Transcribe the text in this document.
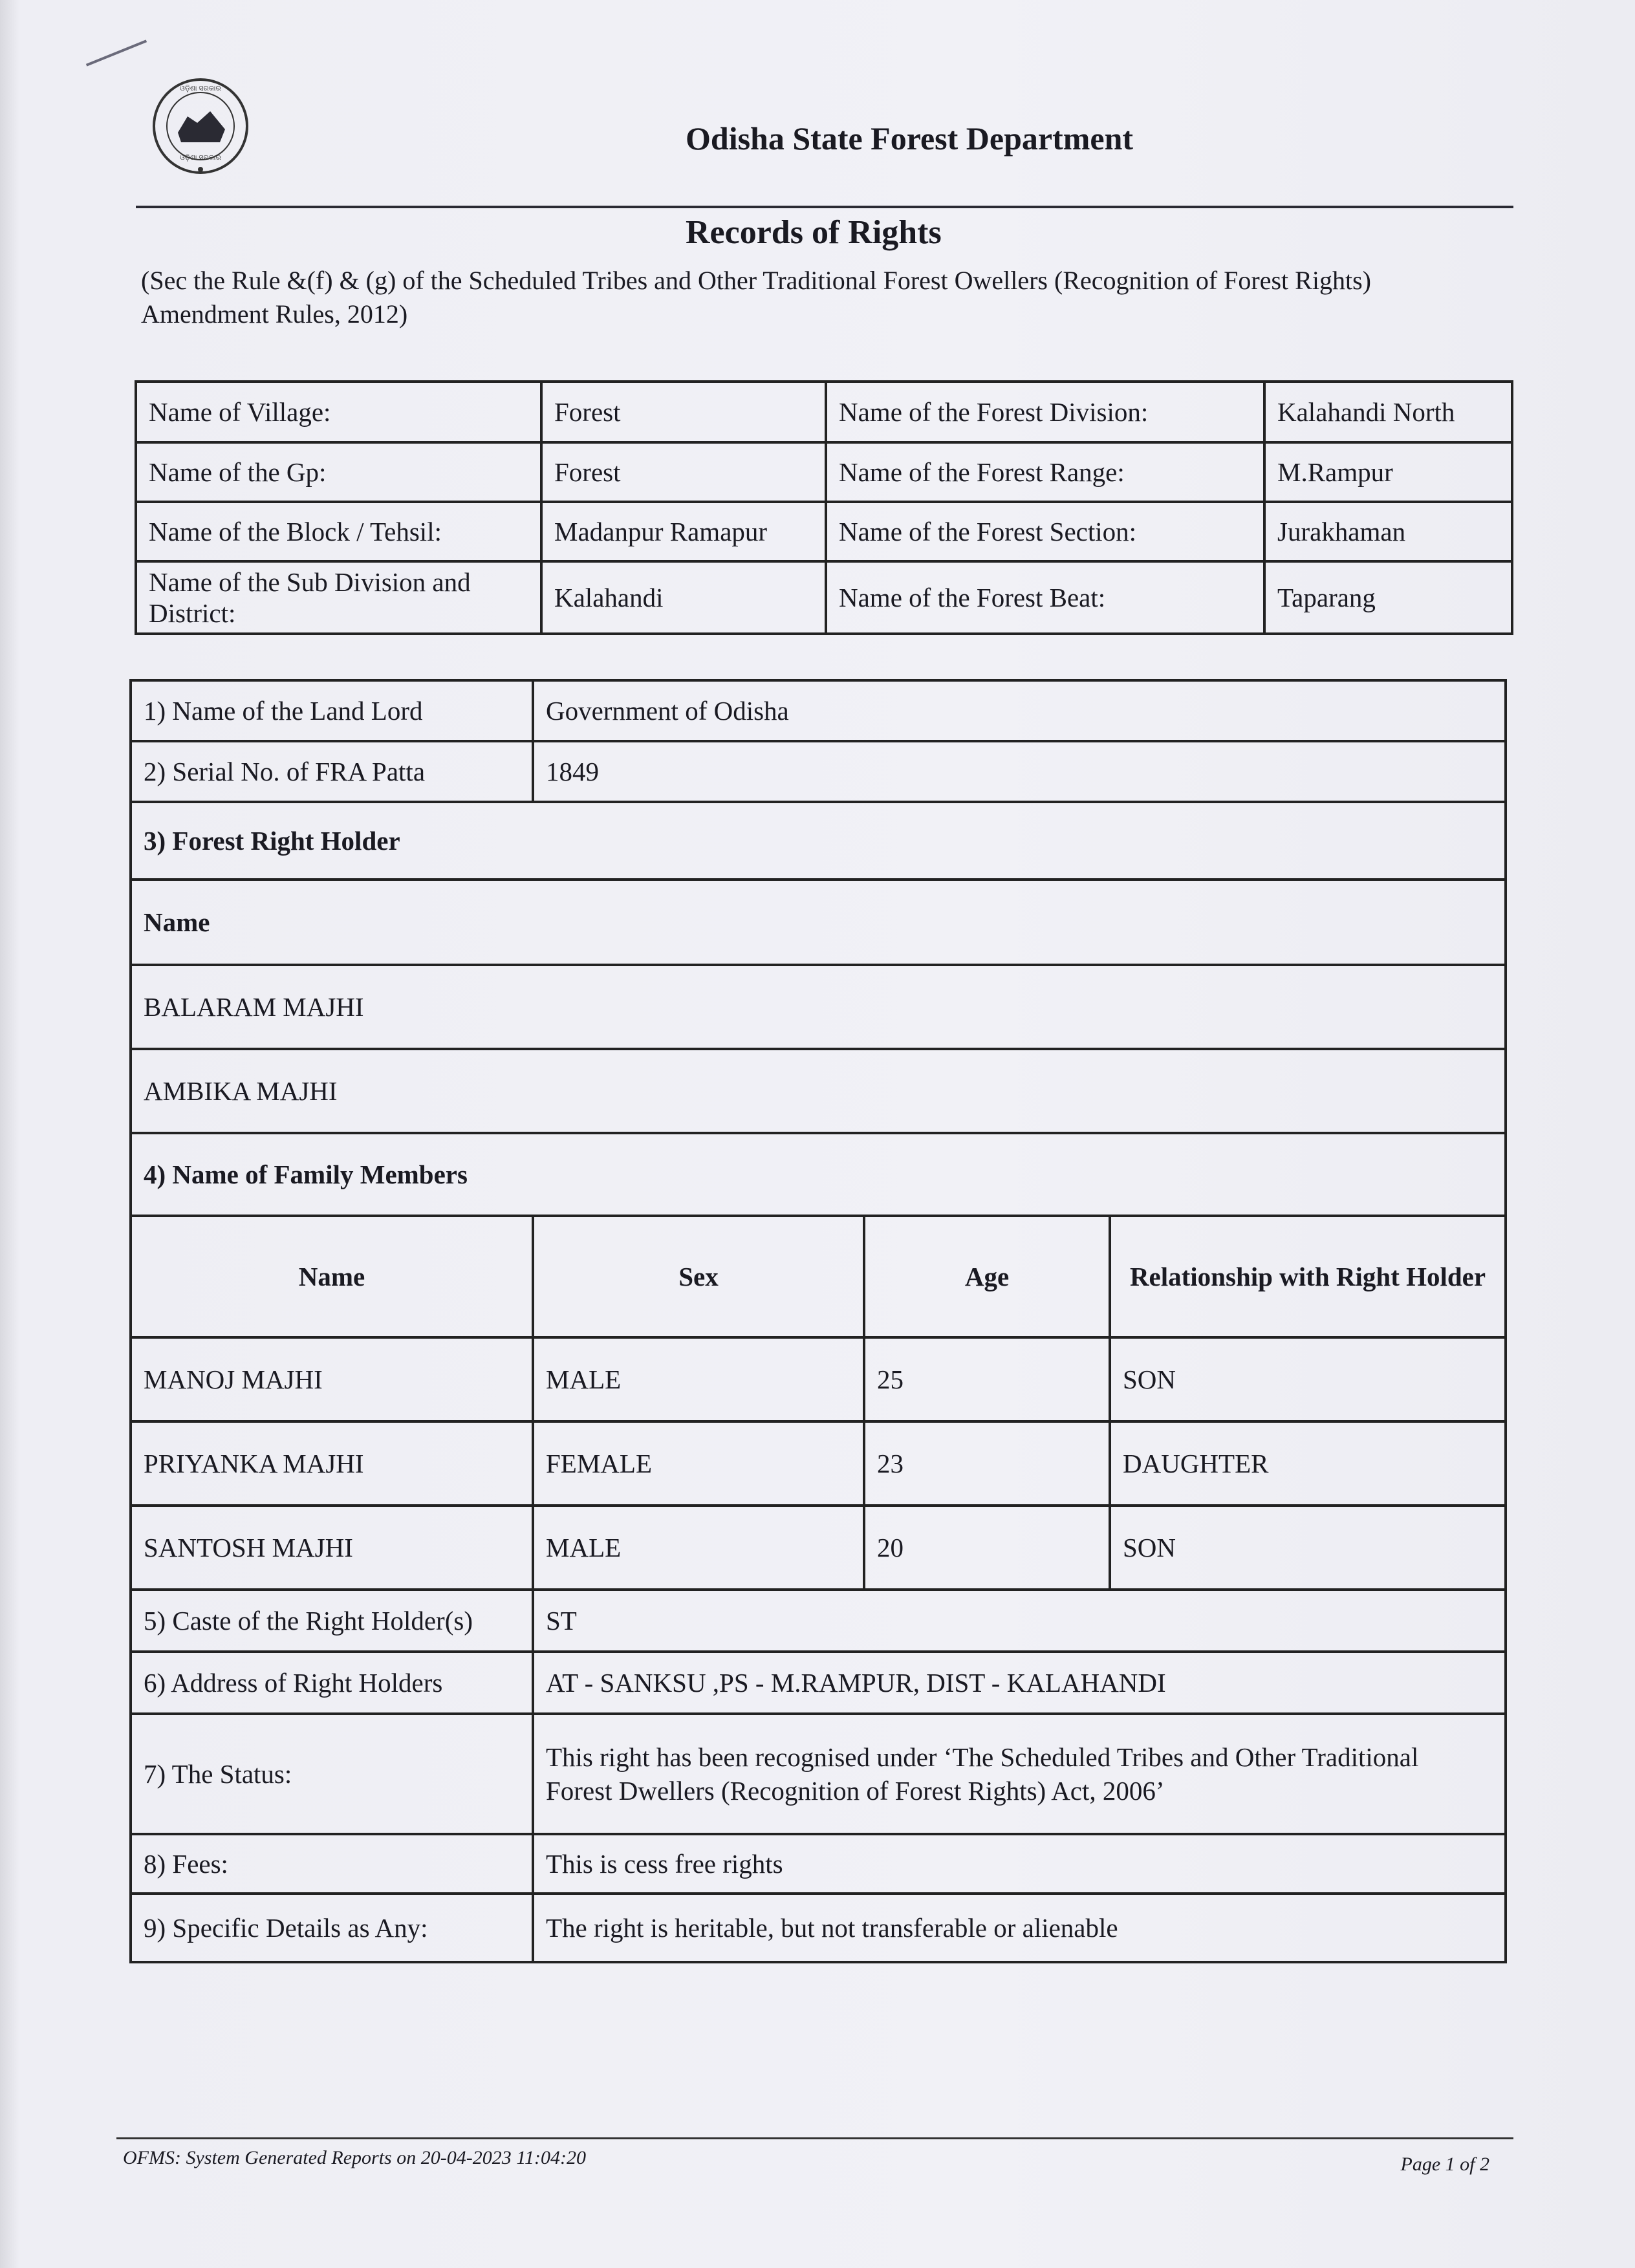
ଓଡ଼ିଶା ସରକାର
ଓଡ଼ିଶା ସରକାର
Odisha State Forest Department
Records of Rights
(Sec the Rule &(f) & (g) of the Scheduled Tribes and Other Traditional Forest Owellers (Recognition of Forest Rights) Amendment Rules, 2012)
Name of Village:	Forest	Name of the Forest Division:	Kalahandi North
Name of the Gp:	Forest	Name of the Forest Range:	M.Rampur
Name of the Block / Tehsil:	Madanpur Ramapur	Name of the Forest Section:	Jurakhaman
Name of the Sub Division and District:	Kalahandi	Name of the Forest Beat:	Taparang
1) Name of the Land Lord	Government of Odisha		
2) Serial No. of FRA Patta	1849		
3) Forest Right Holder			
Name			
BALARAM MAJHI			
AMBIKA MAJHI			
4) Name of Family Members			
Name	Sex	Age	Relationship with Right Holder
MANOJ MAJHI	MALE	25	SON
PRIYANKA MAJHI	FEMALE	23	DAUGHTER
SANTOSH MAJHI	MALE	20	SON
5) Caste of the Right Holder(s)	ST		
6) Address of Right Holders	AT - SANKSU ,PS - M.RAMPUR, DIST - KALAHANDI		
7) The Status:	This right has been recognised under ‘The Scheduled Tribes and Other Traditional
Forest Dwellers (Recognition of Forest Rights) Act, 2006’		

8) Fees:	This is cess free rights		
9) Specific Details as Any:	The right is heritable, but not transferable or alienable		
OFMS: System Generated Reports on 20-04-2023 11:04:20	Page 1 of 2
